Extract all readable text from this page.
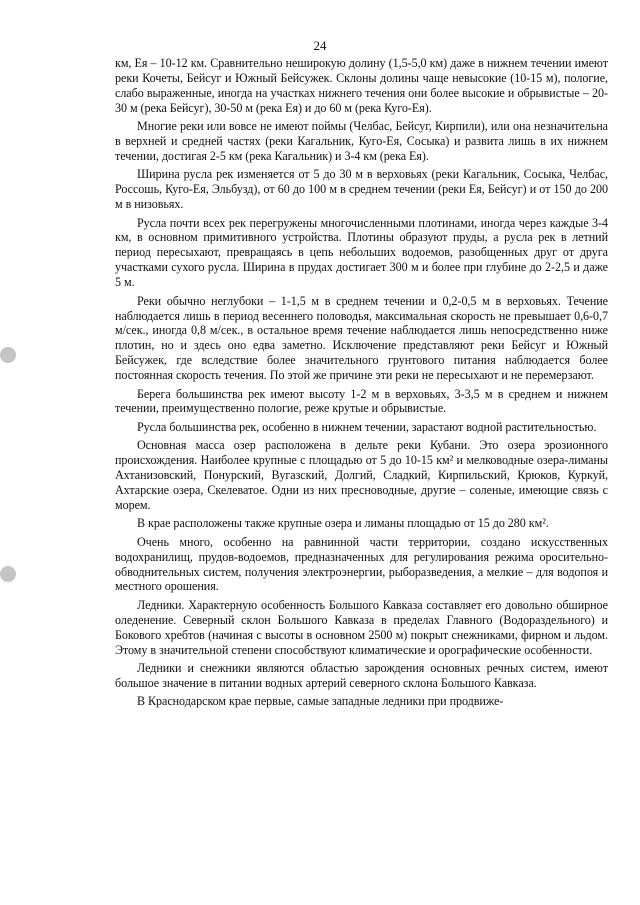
24

км, Ея – 10-12 км. Сравнительно неширокую долину (1,5-5,0 км) даже в нижнем течении имеют реки Кочеты, Бейсуг и Южный Бейсужек. Склоны долины чаще невысокие (10-15 м), пологие, слабо выраженные, иногда на участках нижнего течения они более высокие и обрывистые – 20-30 м (река Бейсуг), 30-50 м (река Ея) и до 60 м (река Куго-Ея).

Многие реки или вовсе не имеют поймы (Челбас, Бейсуг, Кирпили), или она незначительна в верхней и средней частях (реки Кагальник, Куго-Ея, Сосыка) и развита лишь в их нижнем течении, достигая 2-5 км (река Кагальник) и 3-4 км (река Ея).

Ширина русла рек изменяется от 5 до 30 м в верховьях (реки Кагальник, Сосыка, Челбас, Россошь, Куго-Ея, Эльбузд), от 60 до 100 м в среднем течении (реки Ея, Бейсуг) и от 150 до 200 м в низовьях.

Русла почти всех рек перегружены многочисленными плотинами, иногда через каждые 3-4 км, в основном примитивного устройства. Плотины образуют пруды, а русла рек в летний период пересыхают, превращаясь в цепь небольших водоемов, разобщенных друг от друга участками сухого русла. Ширина в прудах достигает 300 м и более при глубине до 2-2,5 и даже 5 м.

Реки обычно неглубоки – 1-1,5 м в среднем течении и 0,2-0,5 м в верховьях. Течение наблюдается лишь в период весеннего половодья, максимальная скорость не превышает 0,6-0,7 м/сек., иногда 0,8 м/сек., в остальное время течение наблюдается лишь непосредственно ниже плотин, но и здесь оно едва заметно. Исключение представляют реки Бейсуг и Южный Бейсужек, где вследствие более значительного грунтового питания наблюдается более постоянная скорость течения. По этой же причине эти реки не пересыхают и не перемерзают.

Берега большинства рек имеют высоту 1-2 м в верховьях, 3-3,5 м в среднем и нижнем течении, преимущественно пологие, реже крутые и обрывистые.

Русла большинства рек, особенно в нижнем течении, зарастают водной растительностью.

Основная масса озер расположена в дельте реки Кубани. Это озера эрозионного происхождения. Наиболее крупные с площадью от 5 до 10-15 км² и мелководные озера-лиманы Ахтанизовский, Понурский, Вугазский, Долгий, Сладкий, Кирпильский, Крюков, Куркуй, Ахтарские озера, Скелеватое. Одни из них пресноводные, другие – соленые, имеющие связь с морем.

В крае расположены также крупные озера и лиманы площадью от 15 до 280 км².

Очень много, особенно на равнинной части территории, создано искусственных водохранилищ, прудов-водоемов, предназначенных для регулирования режима оросительно-обводнительных систем, получения электроэнергии, рыборазведения, а мелкие – для водопоя и местного орошения.

Ледники. Характерную особенность Большого Кавказа составляет его довольно обширное оледенение. Северный склон Большого Кавказа в пределах Главного (Водораздельного) и Бокового хребтов (начиная с высоты в основном 2500 м) покрыт снежниками, фирном и льдом. Этому в значительной степени способствуют климатические и орографические особенности.

Ледники и снежники являются областью зарождения основных речных систем, имеют большое значение в питании водных артерий северного склона Большого Кавказа.

В Краснодарском крае первые, самые западные ледники при продвиже-
